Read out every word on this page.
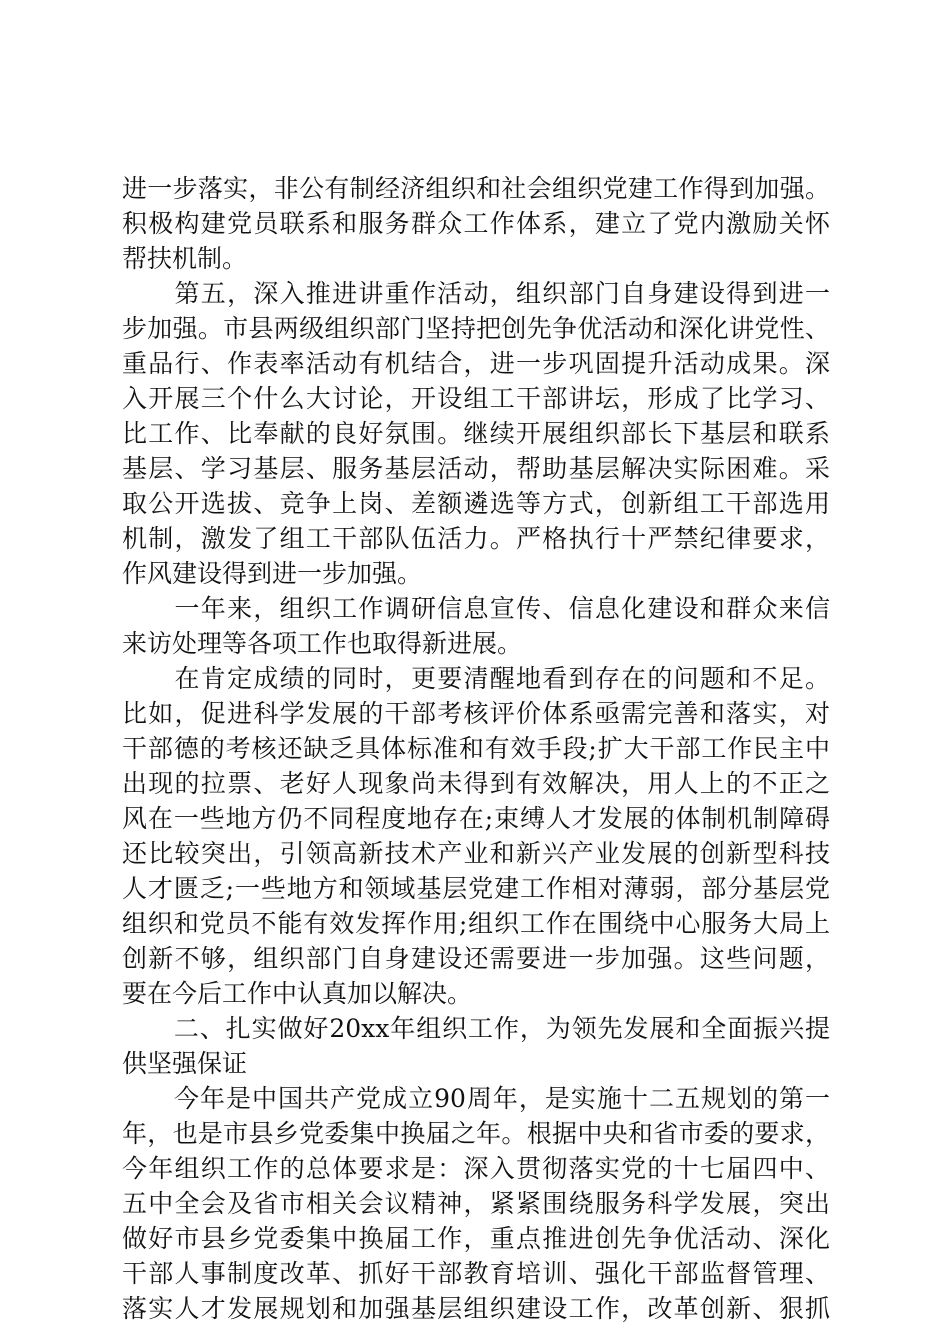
进一步落实，非公有制经济组织和社会组织党建工作得到加强。
积极构建党员联系和服务群众工作体系，建立了党内激励关怀
帮扶机制。
　　第五，深入推进讲重作活动，组织部门自身建设得到进一
步加强。市县两级组织部门坚持把创先争优活动和深化讲党性、
重品行、作表率活动有机结合，进一步巩固提升活动成果。深
入开展三个什么大讨论，开设组工干部讲坛，形成了比学习、
比工作、比奉献的良好氛围。继续开展组织部长下基层和联系
基层、学习基层、服务基层活动，帮助基层解决实际困难。采
取公开选拔、竞争上岗、差额遴选等方式，创新组工干部选用
机制，激发了组工干部队伍活力。严格执行十严禁纪律要求，
作风建设得到进一步加强。
　　一年来，组织工作调研信息宣传、信息化建设和群众来信
来访处理等各项工作也取得新进展。
　　在肯定成绩的同时，更要清醒地看到存在的问题和不足。
比如，促进科学发展的干部考核评价体系亟需完善和落实，对
干部德的考核还缺乏具体标准和有效手段;扩大干部工作民主中
出现的拉票、老好人现象尚未得到有效解决，用人上的不正之
风在一些地方仍不同程度地存在;束缚人才发展的体制机制障碍
还比较突出，引领高新技术产业和新兴产业发展的创新型科技
人才匮乏;一些地方和领域基层党建工作相对薄弱，部分基层党
组织和党员不能有效发挥作用;组织工作在围绕中心服务大局上
创新不够，组织部门自身建设还需要进一步加强。这些问题，
要在今后工作中认真加以解决。
　　二、扎实做好20xx年组织工作，为领先发展和全面振兴提
供坚强保证
　　今年是中国共产党成立90周年，是实施十二五规划的第一
年，也是市县乡党委集中换届之年。根据中央和省市委的要求，
今年组织工作的总体要求是：深入贯彻落实党的十七届四中、
五中全会及省市相关会议精神，紧紧围绕服务科学发展，突出
做好市县乡党委集中换届工作，重点推进创先争优活动、深化
干部人事制度改革、抓好干部教育培训、强化干部监督管理、
落实人才发展规划和加强基层组织建设工作，改革创新、狠抓
